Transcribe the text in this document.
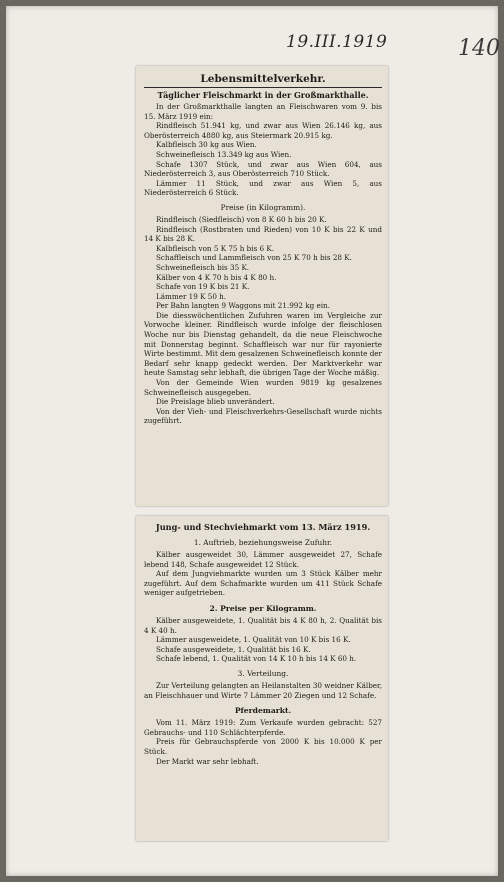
19.III.1919	140
Lebensmittelverkehr.
Täglicher Fleischmarkt in der Großmarkthalle.

In der Großmarkthalle langten an Fleischwaren vom 9. bis 15. März 1919 ein:

Rindfleisch 51.941 kg, und zwar aus Wien 26.146 kg, aus Oberösterreich 4880 kg, aus Steiermark 20.915 kg.

Kalbfleisch 30 kg aus Wien.

Schweinefleisch 13.349 kg aus Wien.

Schafe 1307 Stück, und zwar aus Wien 604, aus Niederösterreich 3, aus Oberösterreich 710 Stück.

Lämmer 11 Stück, und zwar aus Wien 5, aus Niederösterreich 6 Stück.

Preise (in Kilogramm).

Rindfleisch (Siedfleisch) von 8 K 60 h bis 20 K.

Rindfleisch (Rostbraten und Rieden) von 10 K bis 22 K und 14 K bis 28 K.

Kalbfleisch von 5 K 75 h bis 6 K.

Schaffleisch und Lammfleisch von 25 K 70 h bis 28 K.

Schweinefleisch bis 35 K.

Kälber von 4 K 70 h bis 4 K 80 h.

Schafe von 19 K bis 21 K.

Lämmer 19 K 50 h.

Per Bahn langten 9 Waggons mit 21.992 kg ein.

Die diesswöchentlichen Zufuhren waren im Vergleiche zur Vorwoche kleiner. Rindfleisch wurde infolge der fleischlosen Woche nur bis Dienstag gehandelt, da die neue Fleischwoche mit Donnerstag beginnt. Schaffleisch war nur für rayonierte Wirte bestimmt. Mit dem gesalzenen Schweinefleisch konnte der Bedarf sehr knapp gedeckt werden. Der Marktverkehr war heute Samstag sehr lebhaft, die übrigen Tage der Woche mäßig.

Von der Gemeinde Wien wurden 9819 kg gesalzenes Schweinefleisch ausgegeben.

Die Preislage blieb unverändert.

Von der Vieh- und Fleischverkehrs-Gesellschaft wurde nichts zugeführt.

Jung- und Stechviehmarkt vom 13. März 1919.
1. Auftrieb, beziehungsweise Zufuhr.

Kälber ausgeweidet 30, Lämmer ausgeweidet 27, Schafe lebend 148, Schafe ausgeweidet 12 Stück.

Auf dem Jungviehmarkte wurden um 3 Stück Kälber mehr zugeführt. Auf dem Schafmarkte wurden um 411 Stück Schafe weniger aufgetrieben.

2. Preise per Kilogramm.

Kälber ausgeweidete, 1. Qualität bis 4 K 80 h, 2. Qualität bis 4 K 40 h.

Lämmer ausgeweidete, 1. Qualität von 10 K bis 16 K.

Schafe ausgeweidete, 1. Qualität bis 16 K.

Schafe lebend, 1. Qualität von 14 K 10 h bis 14 K 60 h.

3. Verteilung.

Zur Verteilung gelangten an Heilanstalten 30 weidner Kälber, an Fleischhauer und Wirte 7 Lämmer 20 Ziegen und 12 Schafe.

Pferdemarkt.

Vom 11. März 1919: Zum Verkaufe wurden gebracht: 527 Gebrauchs- und 110 Schlächterpferde.

Preis für Gebrauchspferde von 2000 K bis 10.000 K per Stück.

Der Markt war sehr lebhaft.
